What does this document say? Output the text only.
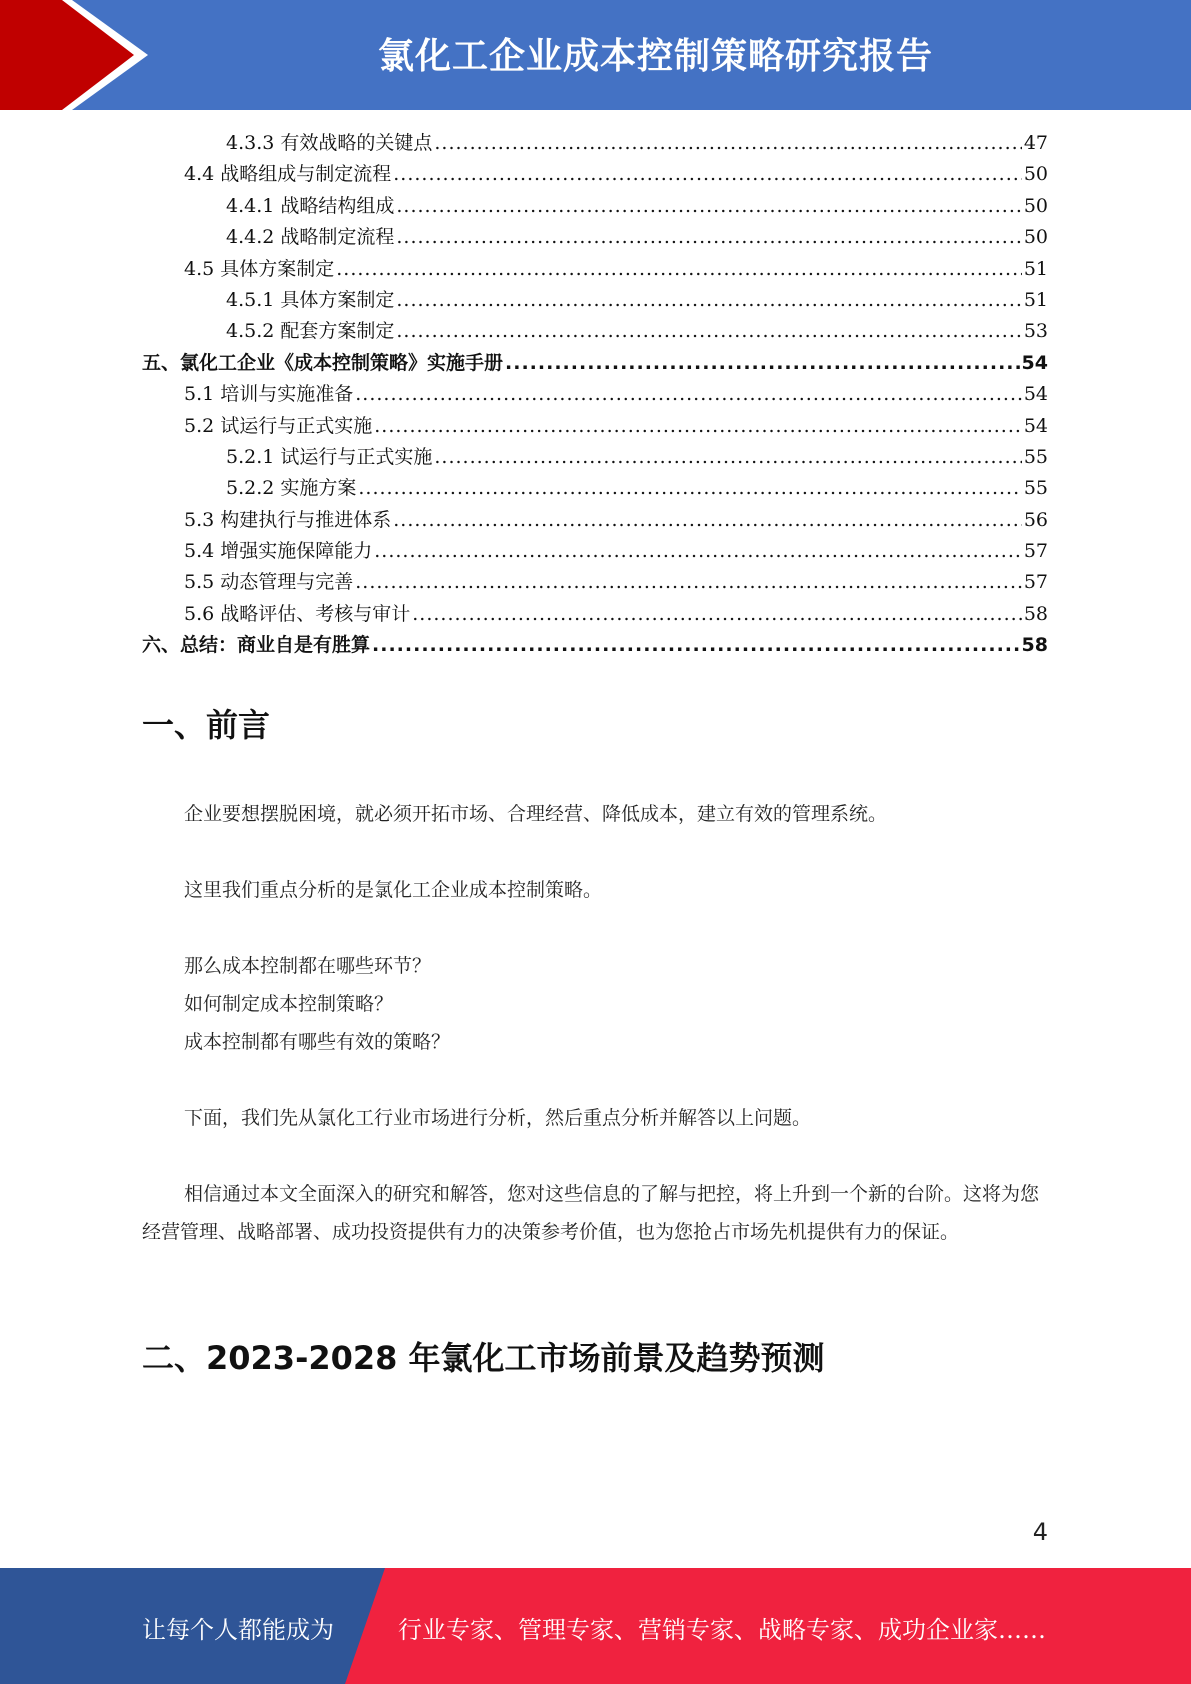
氯化工企业成本控制策略研究报告
4.3.3 有效战略的关键点 .....	47
4.4 战略组成与制定流程 .....	50
4.4.1 战略结构组成 .....	50
4.4.2 战略制定流程 .....	50
4.5 具体方案制定 .....	51
4.5.1 具体方案制定 .....	51
4.5.2 配套方案制定 .....	53
五、氯化工企业《成本控制策略》实施手册 .....	54
5.1 培训与实施准备 .....	54
5.2 试运行与正式实施 .....	54
5.2.1 试运行与正式实施 .....	55
5.2.2 实施方案 .....	55
5.3 构建执行与推进体系 .....	56
5.4 增强实施保障能力 .....	57
5.5 动态管理与完善 .....	57
5.6 战略评估、考核与审计 .....	58
六、总结：商业自是有胜算 .....	58
一、前言
企业要想摆脱困境，就必须开拓市场、合理经营、降低成本，建立有效的管理系统。
这里我们重点分析的是氯化工企业成本控制策略。
那么成本控制都在哪些环节？
如何制定成本控制策略？
成本控制都有哪些有效的策略？
下面，我们先从氯化工行业市场进行分析，然后重点分析并解答以上问题。
相信通过本文全面深入的研究和解答，您对这些信息的了解与把控，将上升到一个新的台阶。这将为您经营管理、战略部署、成功投资提供有力的决策参考价值，也为您抢占市场先机提供有力的保证。
二、2023-2028 年氯化工市场前景及趋势预测
4
让每个人都能成为	行业专家、管理专家、营销专家、战略专家、成功企业家……
